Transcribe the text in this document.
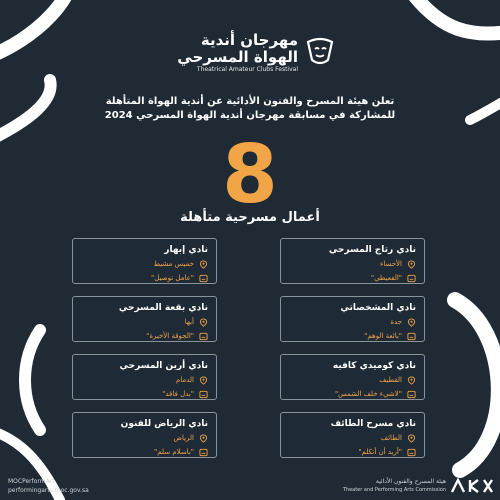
مهرجان أندية
الهواة المسرحي
Theatrical Amateur Clubs Festival
تعلن هيئة المسرح والفنون الأدائية عن أندية الهواة المتأهلة
للمشاركة في مسابقة مهرجان أندية الهواة المسرحي 2024
8
أعمال مسرحية متأهلة
نادي رتاج المسرحي
الأحساء
"الفعيطي"
نادي إبهار
خميس مشيط
"عامل توصيل"
نادي المشخصاتي
جدة
"بائعة الوهم"
نادي بقعة المسرحي
أبها
"الجوقة الأخيرة"
نادي كوميدي كافيه
القطيف
"لاشيء خلف الشمس"
نادي أرين المسرحي
الدمام
"بدل فاقد"
نادي مسرح الطائف
الطائف
"أريد أن أتكلم"
نادي الرياض للفنون
الرياض
"باسلام سلم"
MOCPerformArt
performingarts.moc.gov.sa
هيئة المسرح والفنون الأدائية
Theater and Performing Arts Commission
